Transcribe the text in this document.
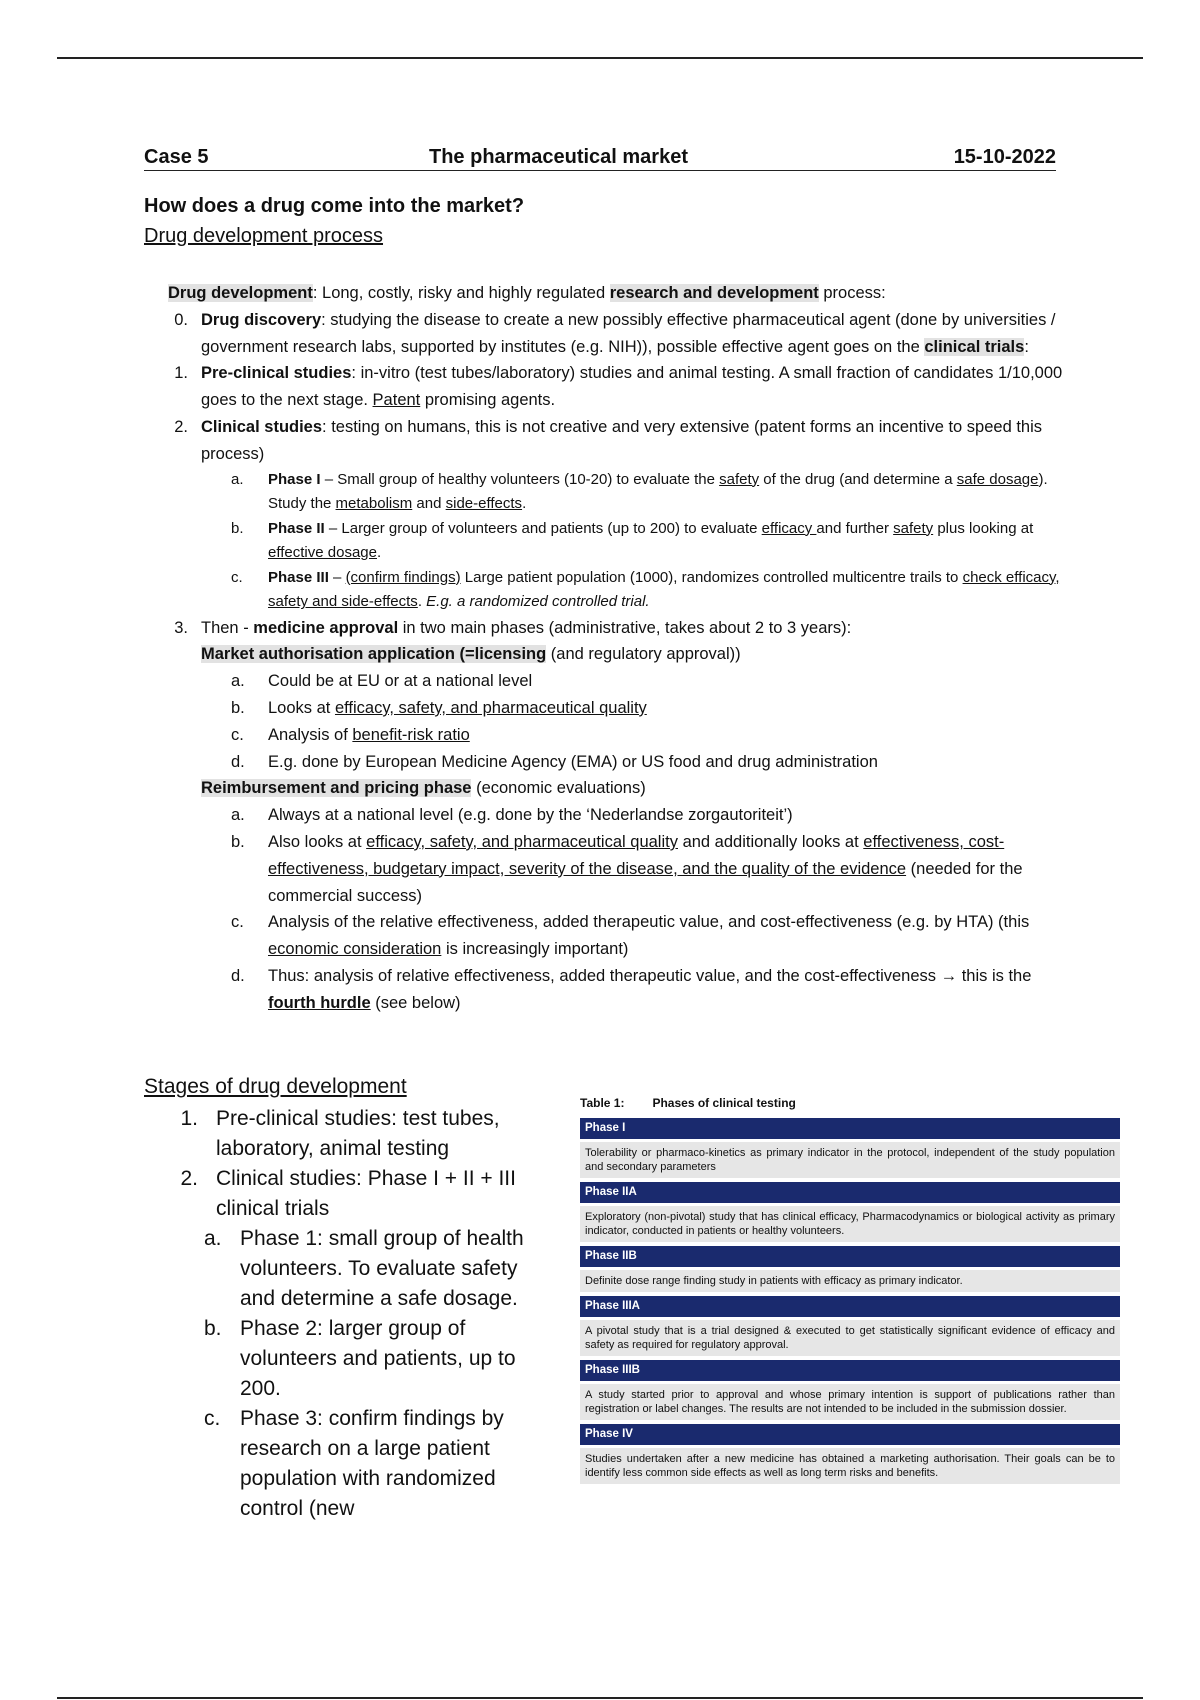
Case 5	The pharmaceutical market	15-10-2022
How does a drug come into the market?
Drug development process
Drug development: Long, costly, risky and highly regulated research and development process:
0. Drug discovery: studying the disease to create a new possibly effective pharmaceutical agent (done by universities / government research labs, supported by institutes (e.g. NIH)), possible effective agent goes on the clinical trials:
1. Pre-clinical studies: in-vitro (test tubes/laboratory) studies and animal testing. A small fraction of candidates 1/10,000 goes to the next stage. Patent promising agents.
2. Clinical studies: testing on humans, this is not creative and very extensive (patent forms an incentive to speed this process)
a. Phase I – Small group of healthy volunteers (10-20) to evaluate the safety of the drug (and determine a safe dosage). Study the metabolism and side-effects.
b. Phase II – Larger group of volunteers and patients (up to 200) to evaluate efficacy and further safety plus looking at effective dosage.
c. Phase III – (confirm findings) Large patient population (1000), randomizes controlled multicentre trails to check efficacy, safety and side-effects. E.g. a randomized controlled trial.
3. Then - medicine approval in two main phases (administrative, takes about 2 to 3 years):
Market authorisation application (=licensing (and regulatory approval))
a. Could be at EU or at a national level
b. Looks at efficacy, safety, and pharmaceutical quality
c. Analysis of benefit-risk ratio
d. E.g. done by European Medicine Agency (EMA) or US food and drug administration
Reimbursement and pricing phase (economic evaluations)
a. Always at a national level (e.g. done by the ‘Nederlandse zorgautoriteit’)
b. Also looks at efficacy, safety, and pharmaceutical quality and additionally looks at effectiveness, cost-effectiveness, budgetary impact, severity of the disease, and the quality of the evidence (needed for the commercial success)
c. Analysis of the relative effectiveness, added therapeutic value, and cost-effectiveness (e.g. by HTA) (this economic consideration is increasingly important)
d. Thus: analysis of relative effectiveness, added therapeutic value, and the cost-effectiveness → this is the fourth hurdle (see below)
Stages of drug development
1. Pre-clinical studies: test tubes, laboratory, animal testing
2. Clinical studies: Phase I + II + III clinical trials
a. Phase 1: small group of health volunteers. To evaluate safety and determine a safe dosage.
b. Phase 2: larger group of volunteers and patients, up to 200.
c. Phase 3: confirm findings by research on a large patient population with randomized control (new
Table 1: Phases of clinical testing
Phase I
Tolerability or pharmaco-kinetics as primary indicator in the protocol, independent of the study population and secondary parameters
Phase IIA
Exploratory (non-pivotal) study that has clinical efficacy, Pharmacodynamics or biological activity as primary indicator, conducted in patients or healthy volunteers.
Phase IIB
Definite dose range finding study in patients with efficacy as primary indicator.
Phase IIIA
A pivotal study that is a trial designed & executed to get statistically significant evidence of efficacy and safety as required for regulatory approval.
Phase IIIB
A study started prior to approval and whose primary intention is support of publications rather than registration or label changes. The results are not intended to be included in the submission dossier.
Phase IV
Studies undertaken after a new medicine has obtained a marketing authorisation. Their goals can be to identify less common side effects as well as long term risks and benefits.
